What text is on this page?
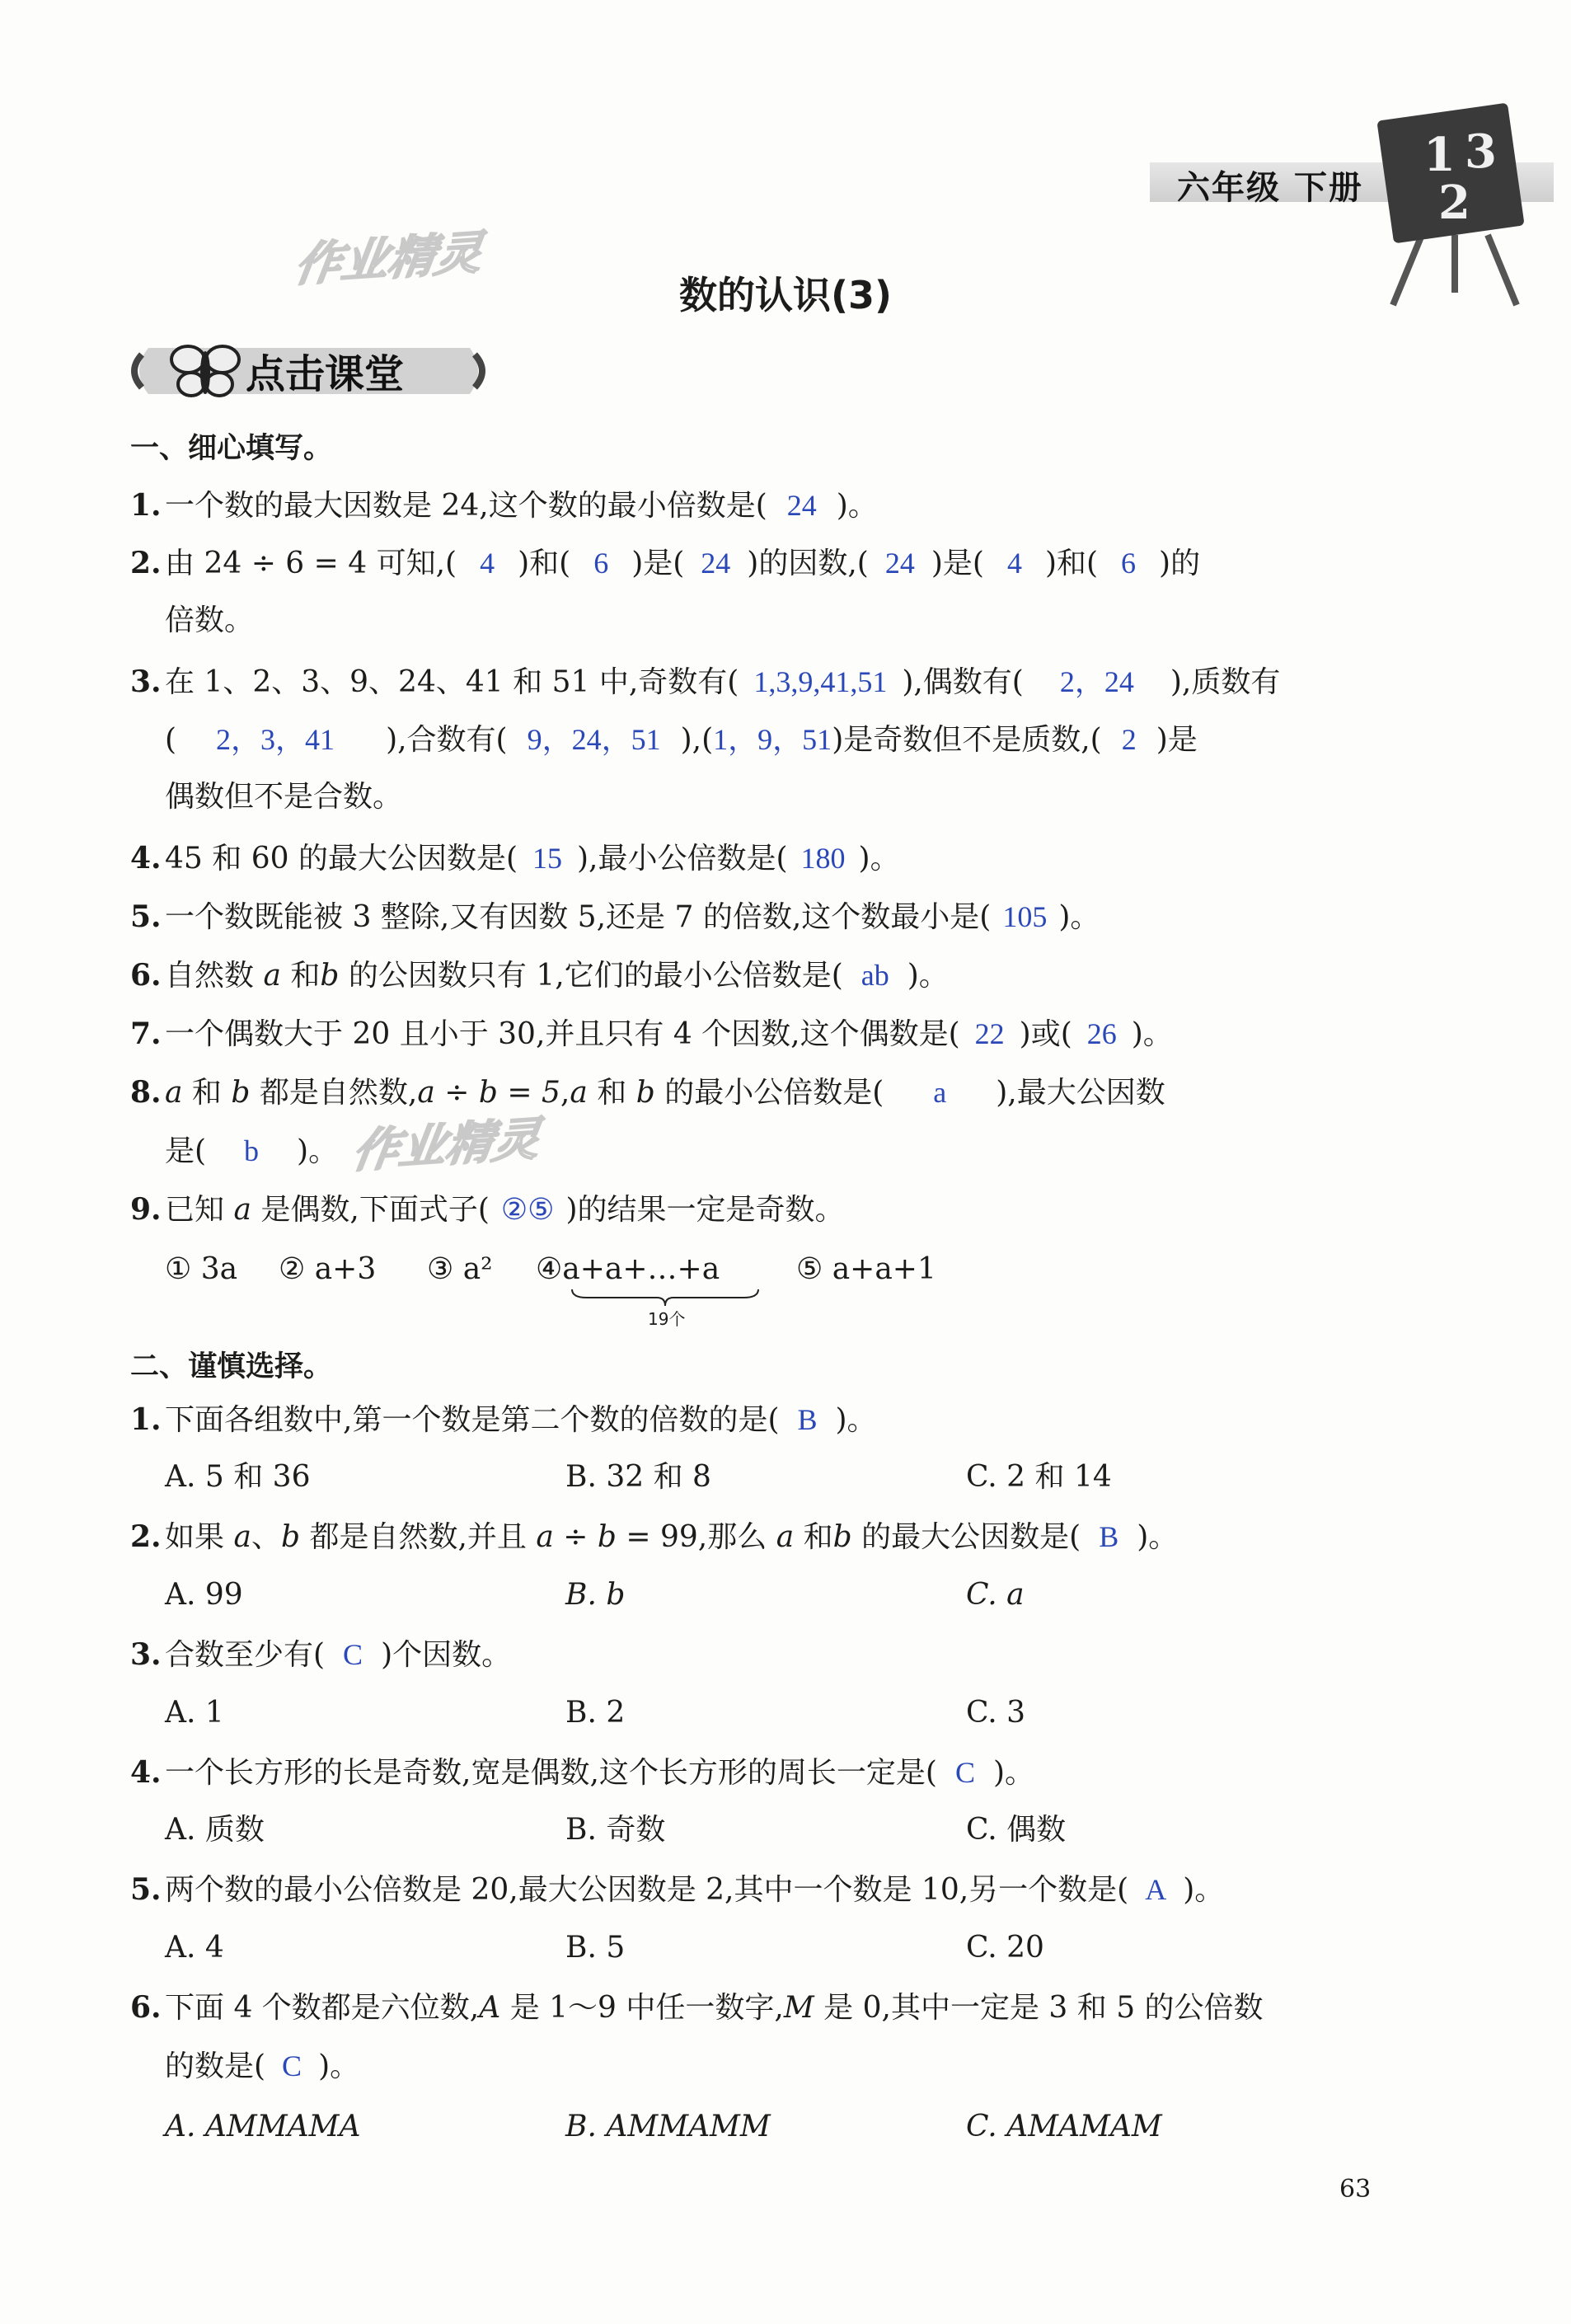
六年级 下册
1 3
2
作业精灵
作业精灵
数的认识(3)
点击课堂
一、细心填写。
1. 一个数的最大因数是 24,这个数的最小倍数是( 24 )。
2. 由 24 ÷ 6 = 4 可知,( 4 )和( 6 )是( 24 )的因数,( 24 )是( 4 )和( 6 )的
倍数。
3. 在 1、2、3、9、24、41 和 51 中,奇数有( 1,3,9,41,51 ),偶数有( 2，24 ),质数有
( 2，3，41 ),合数有( 9，24，51 ),(1，9，51)是奇数但不是质数,( 2 )是
偶数但不是合数。
4. 45 和 60 的最大公因数是( 15 ),最小公倍数是( 180 )。
5. 一个数既能被 3 整除,又有因数 5,还是 7 的倍数,这个数最小是( 105 )。
6. 自然数 a 和b 的公因数只有 1,它们的最小公倍数是( ab )。
7. 一个偶数大于 20 且小于 30,并且只有 4 个因数,这个偶数是( 22 )或( 26 )。
8. a 和 b 都是自然数,a ÷ b = 5,a 和 b 的最小公倍数是( a ),最大公因数
是( b )。
9. 已知 a 是偶数,下面式子( ②⑤ )的结果一定是奇数。
① 3a ② a+3 ③ a² ④a+a+…+a	⑤ a+a+1
19个
二、谨慎选择。
1. 下面各组数中,第一个数是第二个数的倍数的是( B )。
A. 5 和 36	B. 32 和 8	C. 2 和 14
2. 如果 a、b 都是自然数,并且 a ÷ b = 99,那么 a 和b 的最大公因数是( B )。
A. 99	B. b	C. a
3. 合数至少有( C )个因数。
A. 1	B. 2	C. 3
4. 一个长方形的长是奇数,宽是偶数,这个长方形的周长一定是( C )。
A. 质数	B. 奇数	C. 偶数
5. 两个数的最小公倍数是 20,最大公因数是 2,其中一个数是 10,另一个数是( A )。
A. 4	B. 5	C. 20
6. 下面 4 个数都是六位数,A 是 1～9 中任一数字,M 是 0,其中一定是 3 和 5 的公倍数
的数是( C )。
A. AMMAMA	B. AMMAMM	C. AMAMAM
63
